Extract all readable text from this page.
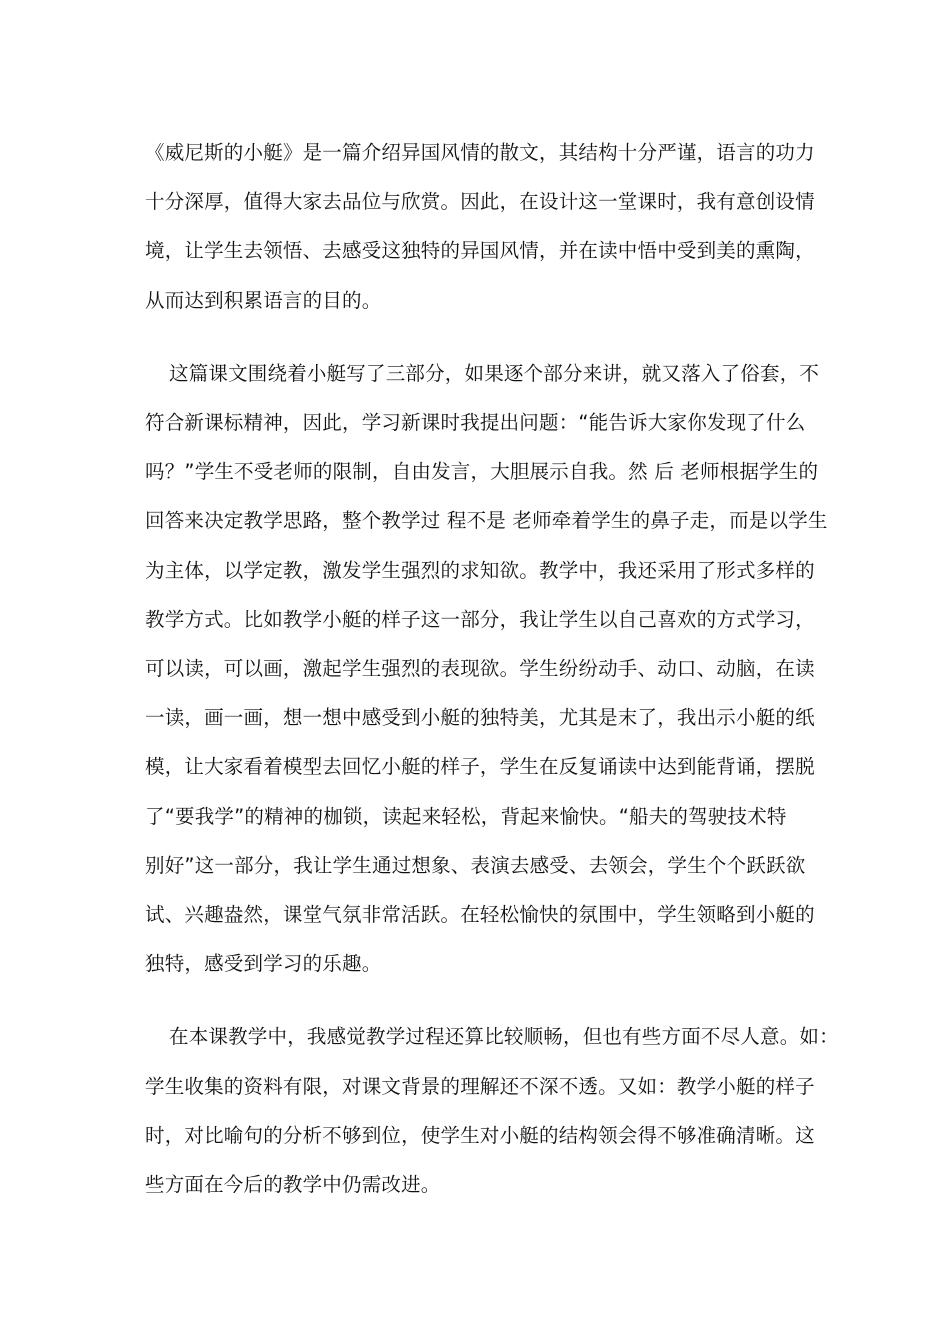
《威尼斯的小艇》是一篇介绍异国风情的散文，其结构十分严谨，语言的功力
十分深厚，值得大家去品位与欣赏。因此，在设计这一堂课时，我有意创设情
境，让学生去领悟、去感受这独特的异国风情，并在读中悟中受到美的熏陶，
从而达到积累语言的目的。
这篇课文围绕着小艇写了三部分，如果逐个部分来讲，就又落入了俗套，不
符合新课标精神，因此，学习新课时我提出问题：“能告诉大家你发现了什么
吗？”学生不受老师的限制，自由发言，大胆展示自我。然 后 老师根据学生的
回答来决定教学思路，整个教学过 程不是 老师牵着学生的鼻子走，而是以学生
为主体，以学定教，激发学生强烈的求知欲。教学中，我还采用了形式多样的
教学方式。比如教学小艇的样子这一部分，我让学生以自己喜欢的方式学习，
可以读，可以画，激起学生强烈的表现欲。学生纷纷动手、动口、动脑，在读
一读，画一画，想一想中感受到小艇的独特美，尤其是末了，我出示小艇的纸
模，让大家看着模型去回忆小艇的样子，学生在反复诵读中达到能背诵，摆脱
了“要我学”的精神的枷锁，读起来轻松，背起来愉快。“船夫的驾驶技术特
别好”这一部分，我让学生通过想象、表演去感受、去领会，学生个个跃跃欲
试、兴趣盎然，课堂气氛非常活跃。在轻松愉快的氛围中，学生领略到小艇的
独特，感受到学习的乐趣。
在本课教学中，我感觉教学过程还算比较顺畅，但也有些方面不尽人意。如：
学生收集的资料有限，对课文背景的理解还不深不透。又如：教学小艇的样子
时，对比喻句的分析不够到位，使学生对小艇的结构领会得不够准确清晰。这
些方面在今后的教学中仍需改进。
